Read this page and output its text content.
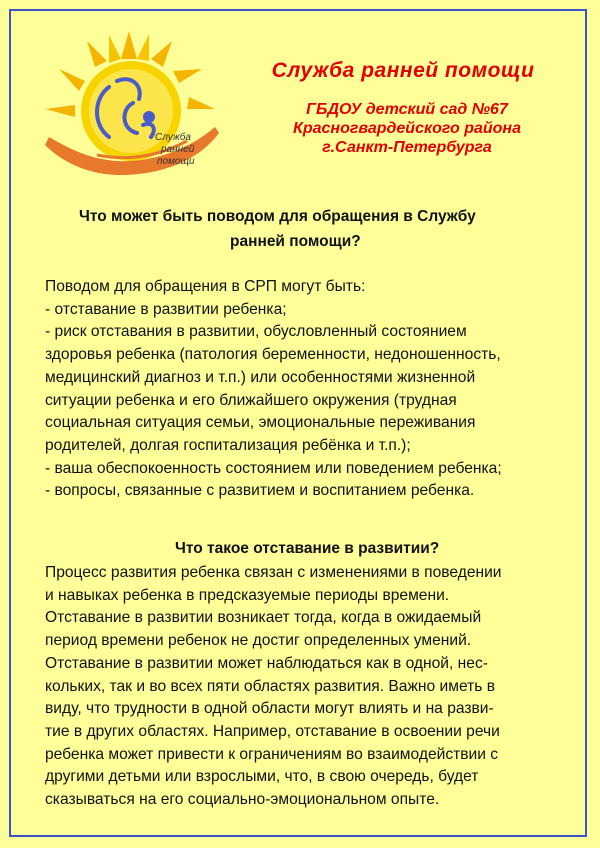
Служба
ранней
помощи
Служба ранней помощи

ГБДОУ детский сад №67
Красногвардейского района
г.Санкт-Петербурга

Что может быть поводом для обращения в Службу
ранней помощи?

Поводом для обращения в СРП могут быть:
- отставание в развитии ребенка;
- риск отставания в развитии, обусловленный состоянием
здоровья ребенка (патология беременности, недоношенность,
медицинский диагноз и т.п.) или особенностями жизненной
ситуации ребенка и его ближайшего окружения (трудная
социальная ситуация семьи, эмоциональные переживания
родителей, долгая госпитализация ребёнка и т.п.);
- ваша обеспокоенность состоянием или поведением ребенка;
- вопросы, связанные с развитием и воспитанием ребенка.

Что такое отставание в развитии?

Процесс развития ребенка связан с изменениями в поведении
и навыках ребенка в предсказуемые периоды времени.
Отставание в развитии возникает тогда, когда в ожидаемый
период времени ребенок не достиг определенных умений.
Отставание в развитии может наблюдаться как в одной, нес-
кольких, так и во всех пяти областях развития. Важно иметь в
виду, что трудности в одной области могут влиять и на разви-
тие в других областях. Например, отставание в освоении речи
ребенка может привести к ограничениям во взаимодействии с
другими детьми или взрослыми, что, в свою очередь, будет
сказываться на его социально-эмоциональном опыте.
